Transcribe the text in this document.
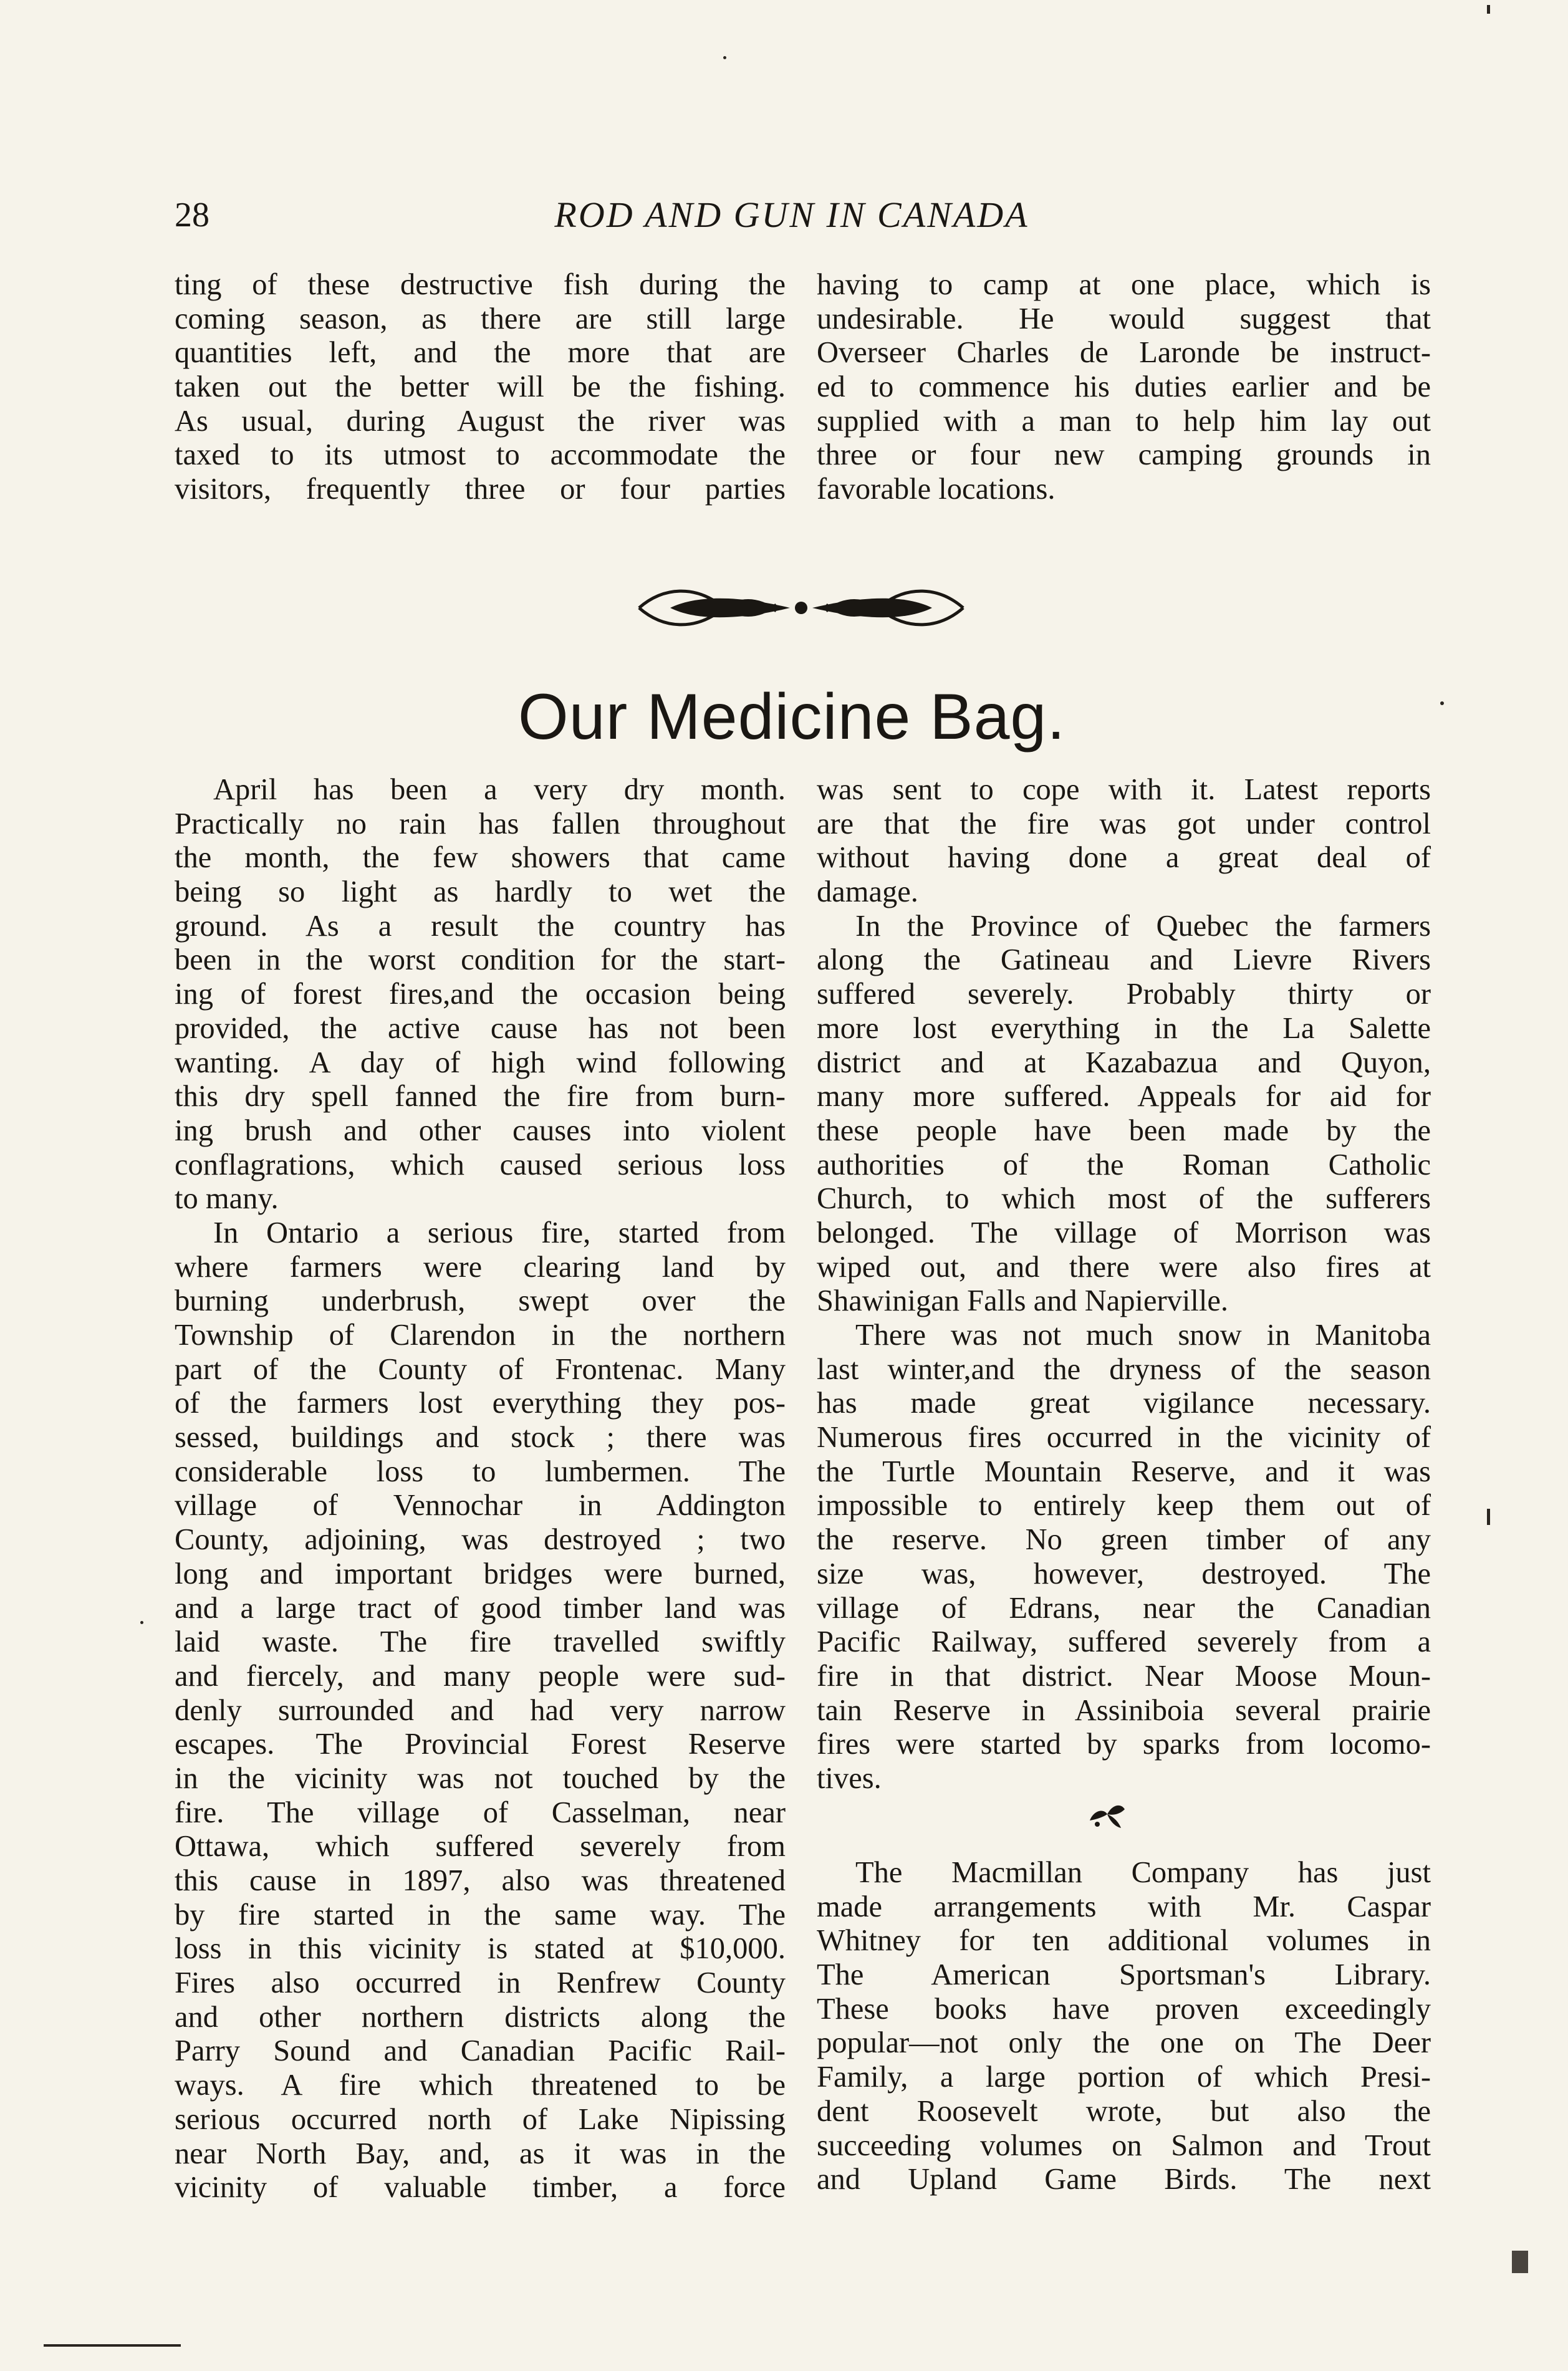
28	ROD AND GUN IN CANADA
ting of these destructive fish during the
coming season, as there are still large
quantities left, and the more that are
taken out the better will be the fishing.
As usual, during August the river was
taxed to its utmost to accommodate the
visitors, frequently three or four parties
having to camp at one place, which is
undesirable. He would suggest that
Overseer Charles de Laronde be instruct-
ed to commence his duties earlier and be
supplied with a man to help him lay out
three or four new camping grounds in
favorable locations.
Our Medicine Bag.
April has been a very dry month.
Practically no rain has fallen throughout
the month, the few showers that came
being so light as hardly to wet the
ground. As a result the country has
been in the worst condition for the start-
ing of forest fires,and the occasion being
provided, the active cause has not been
wanting. A day of high wind following
this dry spell fanned the fire from burn-
ing brush and other causes into violent
conflagrations, which caused serious loss
to many.
In Ontario a serious fire, started from
where farmers were clearing land by
burning underbrush, swept over the
Township of Clarendon in the northern
part of the County of Frontenac. Many
of the farmers lost everything they pos-
sessed, buildings and stock ; there was
considerable loss to lumbermen. The
village of Vennochar in Addington
County, adjoining, was destroyed ; two
long and important bridges were burned,
and a large tract of good timber land was
laid waste. The fire travelled swiftly
and fiercely, and many people were sud-
denly surrounded and had very narrow
escapes. The Provincial Forest Reserve
in the vicinity was not touched by the
fire. The village of Casselman, near
Ottawa, which suffered severely from
this cause in 1897, also was threatened
by fire started in the same way. The
loss in this vicinity is stated at $10,000.
Fires also occurred in Renfrew County
and other northern districts along the
Parry Sound and Canadian Pacific Rail-
ways. A fire which threatened to be
serious occurred north of Lake Nipissing
near North Bay, and, as it was in the
vicinity of valuable timber, a force
was sent to cope with it. Latest reports
are that the fire was got under control
without having done a great deal of
damage.
In the Province of Quebec the farmers
along the Gatineau and Lievre Rivers
suffered severely. Probably thirty or
more lost everything in the La Salette
district and at Kazabazua and Quyon,
many more suffered. Appeals for aid for
these people have been made by the
authorities of the Roman Catholic
Church, to which most of the sufferers
belonged. The village of Morrison was
wiped out, and there were also fires at
Shawinigan Falls and Napierville.
There was not much snow in Manitoba
last winter,and the dryness of the season
has made great vigilance necessary.
Numerous fires occurred in the vicinity of
the Turtle Mountain Reserve, and it was
impossible to entirely keep them out of
the reserve. No green timber of any
size was, however, destroyed. The
village of Edrans, near the Canadian
Pacific Railway, suffered severely from a
fire in that district. Near Moose Moun-
tain Reserve in Assiniboia several prairie
fires were started by sparks from locomo-
tives.
The Macmillan Company has just
made arrangements with Mr. Caspar
Whitney for ten additional volumes in
The American Sportsman's Library.
These books have proven exceedingly
popular—not only the one on The Deer
Family, a large portion of which Presi-
dent Roosevelt wrote, but also the
succeeding volumes on Salmon and Trout
and Upland Game Birds. The next
